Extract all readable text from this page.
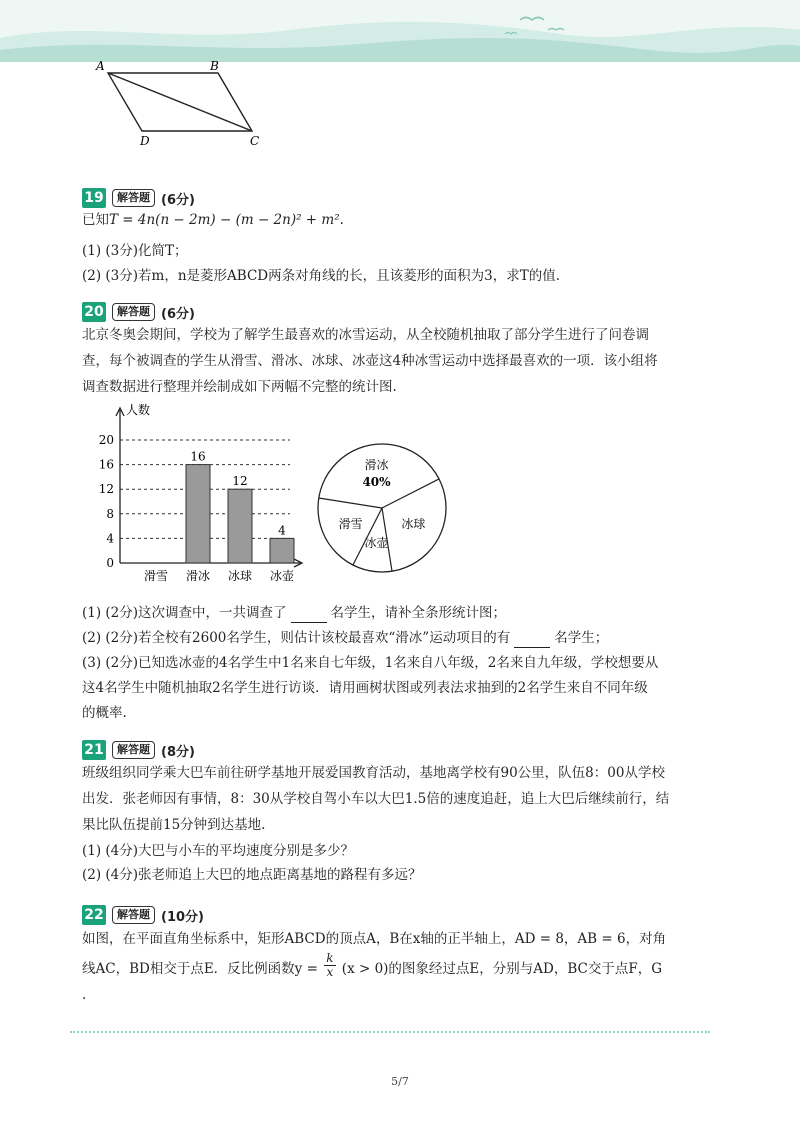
A	B
C
D
19	解答题 (6分)
已知T = 4n(n − 2m) − (m − 2n)² + m².
(1) (3分)化简T；
(2) (3分)若m，n是菱形ABCD两条对角线的长，且该菱形的面积为3，求T的值.
20	解答题 (6分)
北京冬奥会期间，学校为了解学生最喜欢的冰雪运动，从全校随机抽取了部分学生进行了问卷调
查，每个被调查的学生从滑雪、滑冰、冰球、冰壶这4种冰雪运动中选择最喜欢的一项．该小组将
调查数据进行整理并绘制成如下两幅不完整的统计图.
0
4
8
12
16
20
人数
滑雪 滑冰
16
冰球
12
冰壶
4
滑冰
40%
冰球
冰壶
滑雪
(1) (2分)这次调查中，一共调查了	名学生，请补全条形统计图；
(2) (2分)若全校有2600名学生，则估计该校最喜欢“滑冰”运动项目的有	名学生；
(3) (2分)已知选冰壶的4名学生中1名来自七年级，1名来自八年级，2名来自九年级，学校想要从
这4名学生中随机抽取2名学生进行访谈．请用画树状图或列表法求抽到的2名学生来自不同年级
的概率.
21	解答题 (8分)
班级组织同学乘大巴车前往研学基地开展爱国教育活动，基地离学校有90公里，队伍8：00从学校
出发．张老师因有事情，8：30从学校自驾小车以大巴1.5倍的速度追赶，追上大巴后继续前行，结
果比队伍提前15分钟到达基地.
(1) (4分)大巴与小车的平均速度分别是多少？
(2) (4分)张老师追上大巴的地点距离基地的路程有多远？
22	解答题 (10分)
如图，在平面直角坐标系中，矩形ABCD的顶点A，B在x轴的正半轴上，AD = 8，AB = 6，对角
线AC，BD相交于点E．反比例函数$y = \frac{k}{x} (x > 0)$的图象经过点E，分别与AD，BC交于点F，G
.
5/7
